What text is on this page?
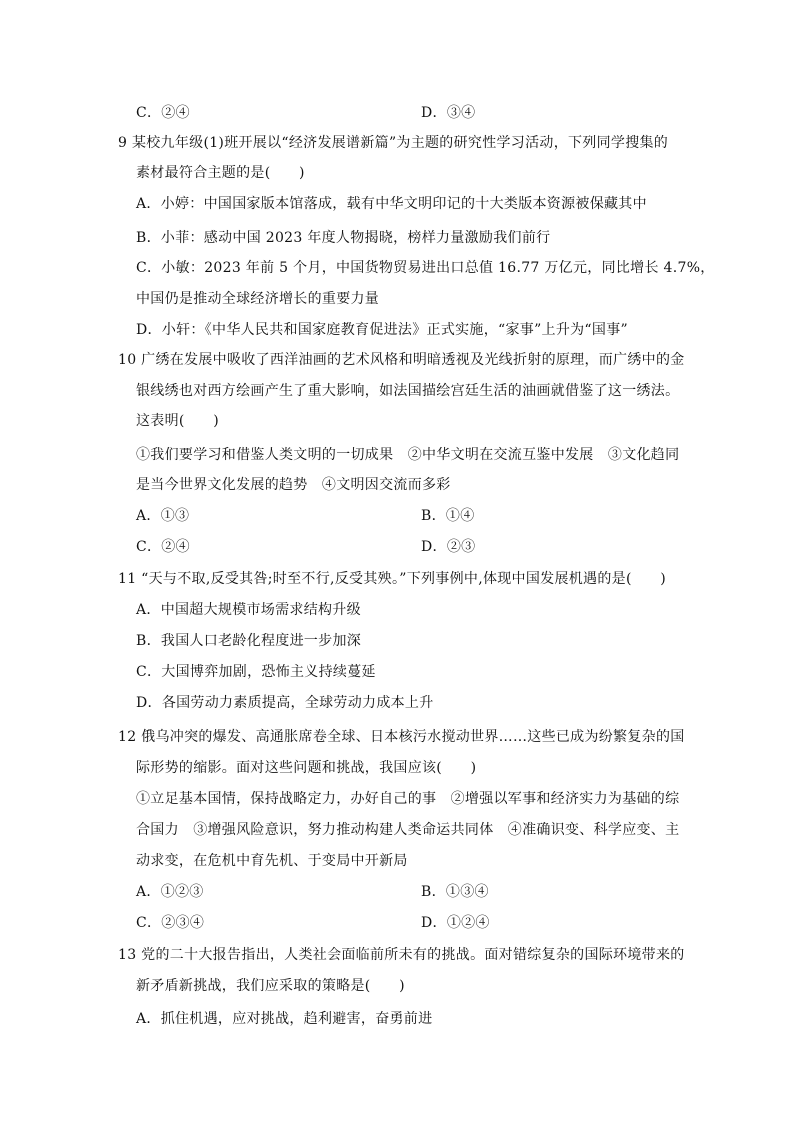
C．②④	D．③④
9 某校九年级(1)班开展以“经济发展谱新篇”为主题的研究性学习活动，下列同学搜集的
素材最符合主题的是(　　)
A．小婷：中国国家版本馆落成，载有中华文明印记的十大类版本资源被保藏其中
B．小菲：感动中国 2023 年度人物揭晓，榜样力量激励我们前行
C．小敏：2023 年前 5 个月，中国货物贸易进出口总值 16.77 万亿元，同比增长 4.7%，
中国仍是推动全球经济增长的重要力量
D．小轩：《中华人民共和国家庭教育促进法》正式实施，“家事”上升为“国事”
10 广绣在发展中吸收了西洋油画的艺术风格和明暗透视及光线折射的原理，而广绣中的金
银线绣也对西方绘画产生了重大影响，如法国描绘宫廷生活的油画就借鉴了这一绣法。
这表明(　　)
①我们要学习和借鉴人类文明的一切成果　②中华文明在交流互鉴中发展　③文化趋同
是当今世界文化发展的趋势　④文明因交流而多彩
A．①③	B．①④
C．②④	D．②③
11 “天与不取,反受其咎;时至不行,反受其殃。”下列事例中,体现中国发展机遇的是(　　)
A．中国超大规模市场需求结构升级
B．我国人口老龄化程度进一步加深
C．大国博弈加剧，恐怖主义持续蔓延
D．各国劳动力素质提高，全球劳动力成本上升
12 俄乌冲突的爆发、高通胀席卷全球、日本核污水搅动世界……这些已成为纷繁复杂的国
际形势的缩影。面对这些问题和挑战，我国应该(　　)
①立足基本国情，保持战略定力，办好自己的事　②增强以军事和经济实力为基础的综
合国力　③增强风险意识，努力推动构建人类命运共同体　④准确识变、科学应变、主
动求变，在危机中育先机、于变局中开新局
A．①②③	B．①③④
C．②③④	D．①②④
13 党的二十大报告指出，人类社会面临前所未有的挑战。面对错综复杂的国际环境带来的
新矛盾新挑战，我们应采取的策略是(　　)
A．抓住机遇，应对挑战，趋利避害，奋勇前进
